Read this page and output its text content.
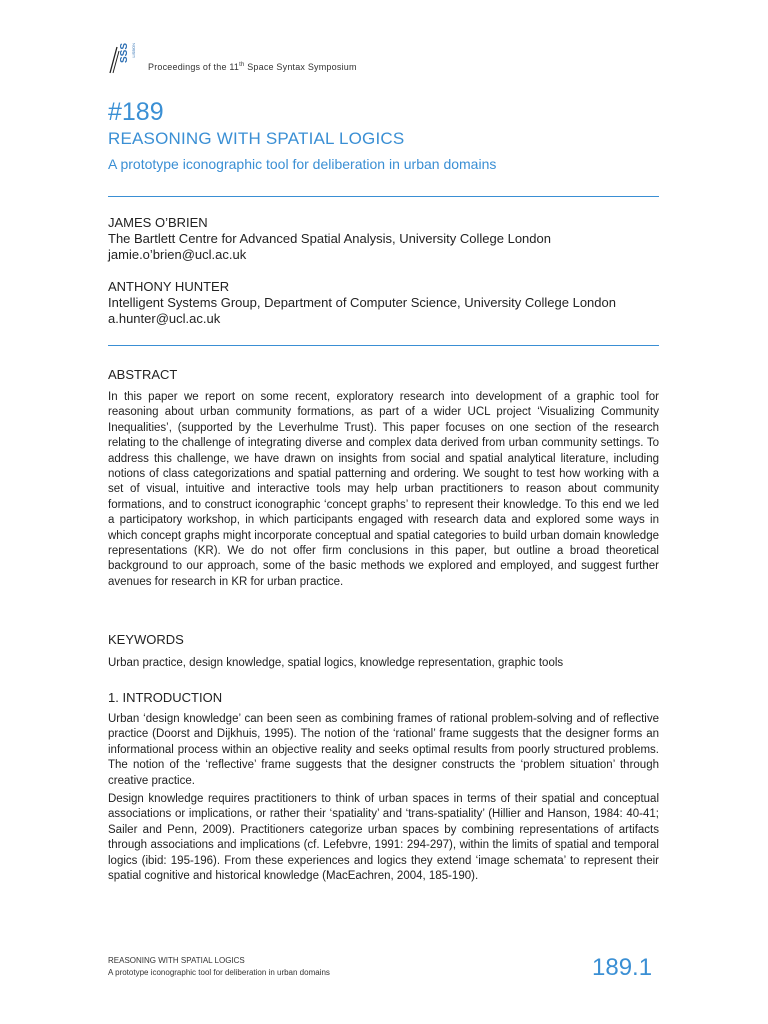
SSS LISBON
Proceedings of the 11th Space Syntax Symposium
#189
REASONING WITH SPATIAL LOGICS
A prototype iconographic tool for deliberation in urban domains
JAMES O’BRIEN
The Bartlett Centre for Advanced Spatial Analysis, University College London
jamie.o’brien@ucl.ac.uk
ANTHONY HUNTER
Intelligent Systems Group, Department of Computer Science, University College London
a.hunter@ucl.ac.uk
ABSTRACT
In this paper we report on some recent, exploratory research into development of a graphic tool for reasoning about urban community formations, as part of a wider UCL project ‘Visualizing Community Inequalities’, (supported by the Leverhulme Trust). This paper focuses on one section of the research relating to the challenge of integrating diverse and complex data derived from urban community settings. To address this challenge, we have drawn on insights from social and spatial analytical literature, including notions of class categorizations and spatial patterning and ordering. We sought to test how working with a set of visual, intuitive and interactive tools may help urban practitioners to reason about community formations, and to construct iconographic ‘concept graphs’ to represent their knowledge. To this end we led a participatory workshop, in which participants engaged with research data and explored some ways in which concept graphs might incorporate conceptual and spatial categories to build urban domain knowledge representations (KR). We do not offer firm conclusions in this paper, but outline a broad theoretical background to our approach, some of the basic methods we explored and employed, and suggest further avenues for research in KR for urban practice.
KEYWORDS
Urban practice, design knowledge, spatial logics, knowledge representation, graphic tools
1. INTRODUCTION
Urban ‘design knowledge’ can been seen as combining frames of rational problem-solving and of reflective practice (Doorst and Dijkhuis, 1995). The notion of the ‘rational’ frame suggests that the designer forms an informational process within an objective reality and seeks optimal results from poorly structured problems. The notion of the ‘reflective’ frame suggests that the designer constructs the ‘problem situation’ through creative practice.
Design knowledge requires practitioners to think of urban spaces in terms of their spatial and conceptual associations or implications, or rather their ‘spatiality’ and ‘trans-spatiality’ (Hillier and Hanson, 1984: 40-41; Sailer and Penn, 2009). Practitioners categorize urban spaces by combining representations of artifacts through associations and implications (cf. Lefebvre, 1991: 294-297), within the limits of spatial and temporal logics (ibid: 195-196). From these experiences and logics they extend ‘image schemata’ to represent their spatial cognitive and historical knowledge (MacEachren, 2004, 185-190).
REASONING WITH SPATIAL LOGICS
A prototype iconographic tool for deliberation in urban domains	189.1
